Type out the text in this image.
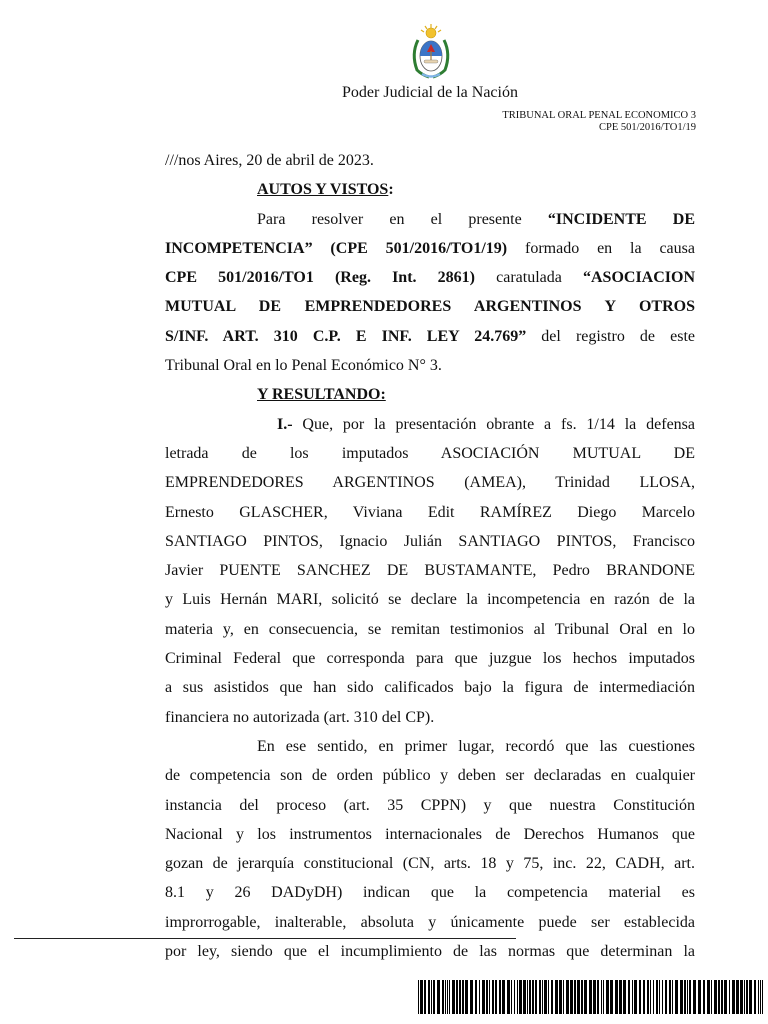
Poder Judicial de la Nación
TRIBUNAL ORAL PENAL ECONOMICO 3
CPE 501/2016/TO1/19
///nos Aires, 20 de abril de 2023.
AUTOS Y VISTOS:
Para resolver en el presente “INCIDENTE DE
INCOMPETENCIA” (CPE 501/2016/TO1/19) formado en la causa
CPE 501/2016/TO1 (Reg. Int. 2861) caratulada “ASOCIACION
MUTUAL DE EMPRENDEDORES ARGENTINOS Y OTROS
S/INF. ART. 310 C.P. E INF. LEY 24.769” del registro de este
Tribunal Oral en lo Penal Económico N° 3.
Y RESULTANDO:
I.- Que, por la presentación obrante a fs. 1/14 la defensa
letrada de los imputados ASOCIACIÓN MUTUAL DE
EMPRENDEDORES ARGENTINOS (AMEA), Trinidad LLOSA,
Ernesto GLASCHER, Viviana Edit RAMÍREZ Diego Marcelo
SANTIAGO PINTOS, Ignacio Julián SANTIAGO PINTOS, Francisco
Javier PUENTE SANCHEZ DE BUSTAMANTE, Pedro BRANDONE
y Luis Hernán MARI, solicitó se declare la incompetencia en razón de la
materia y, en consecuencia, se remitan testimonios al Tribunal Oral en lo
Criminal Federal que corresponda para que juzgue los hechos imputados
a sus asistidos que han sido calificados bajo la figura de intermediación
financiera no autorizada (art. 310 del CP).
En ese sentido, en primer lugar, recordó que las cuestiones
de competencia son de orden público y deben ser declaradas en cualquier
instancia del proceso (art. 35 CPPN) y que nuestra Constitución
Nacional y los instrumentos internacionales de Derechos Humanos que
gozan de jerarquía constitucional (CN, arts. 18 y 75, inc. 22, CADH, art.
8.1 y 26 DADyDH) indican que la competencia material es
improrrogable, inalterable, absoluta y únicamente puede ser establecida
por ley, siendo que el incumplimiento de las normas que determinan la
